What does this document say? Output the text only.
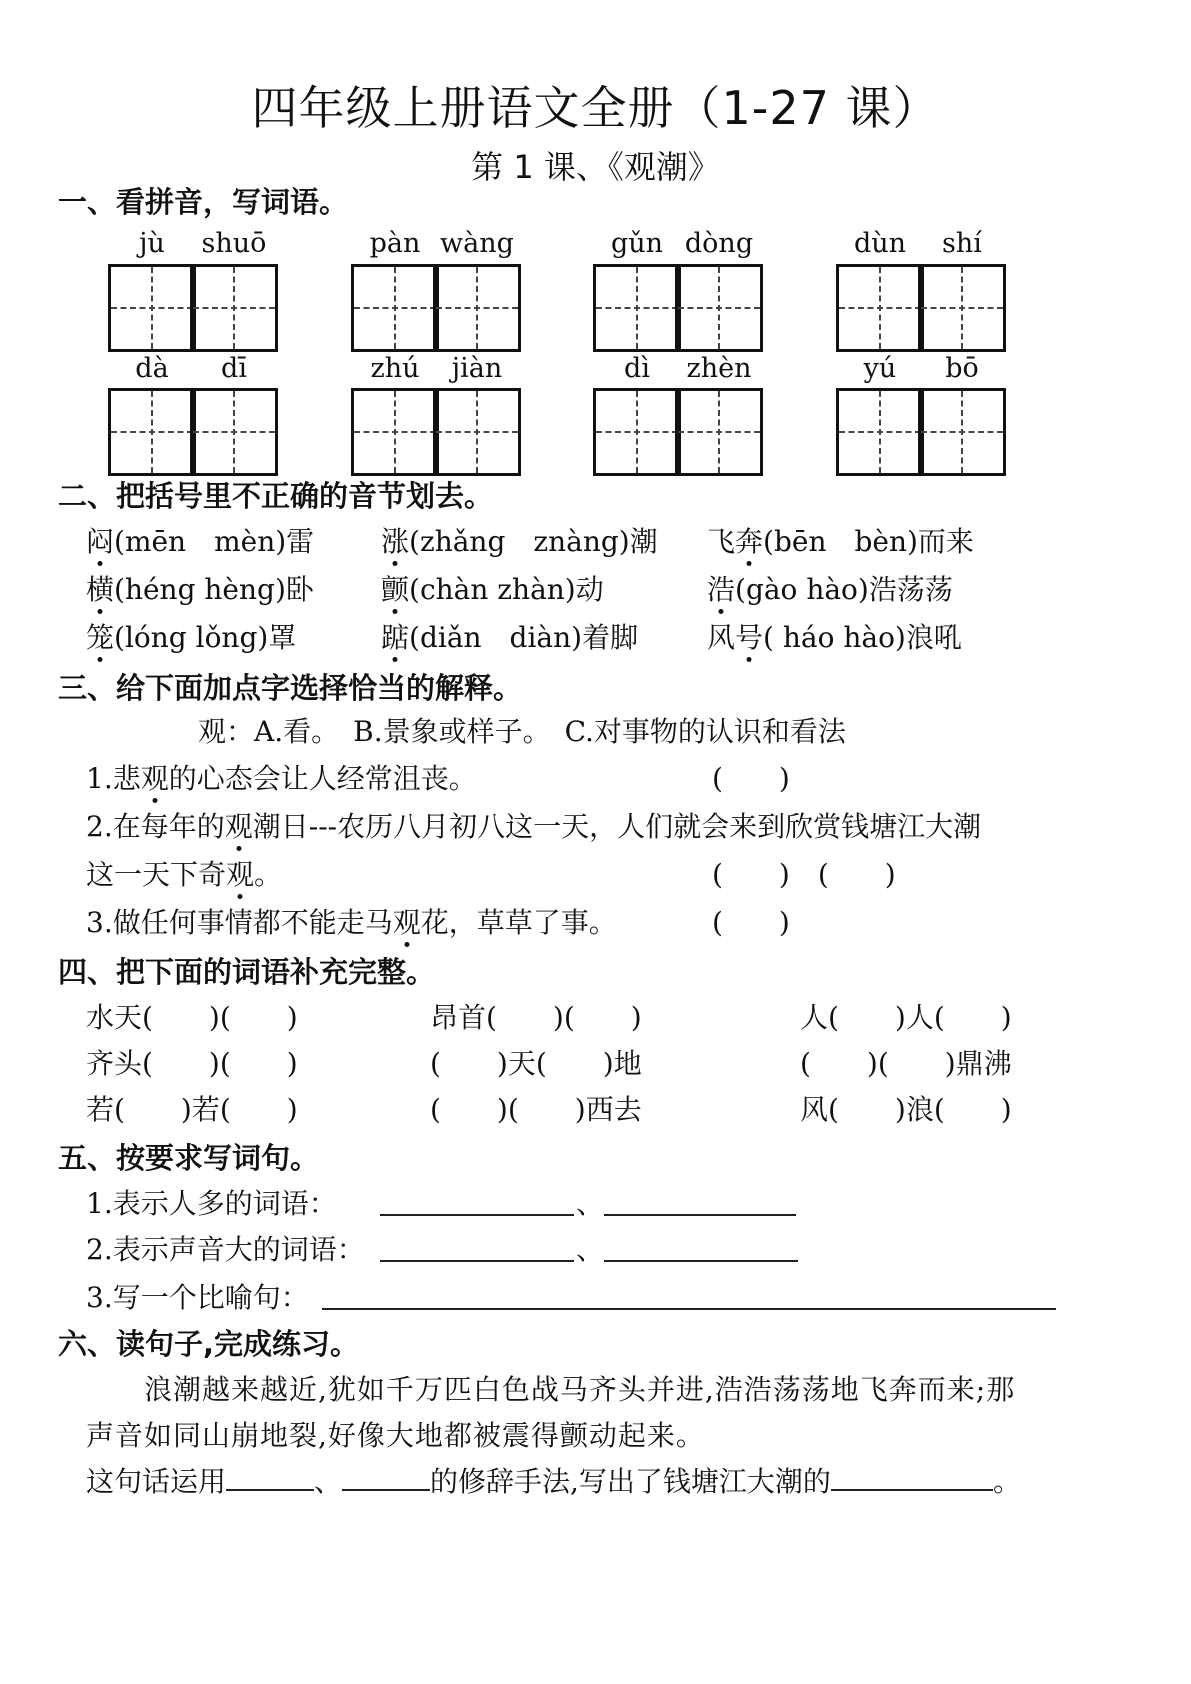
四年级上册语文全册（1-27 课）
第 1 课、《观潮》
一、看拼音，写词语。
jù	shuō	pàn wàng	gǔn dòng	dùn	shí
dà	dī	zhú	jiàn	dì	zhèn	yú	bō
二、把括号里不正确的音节划去。
闷(mēn　mèn)雷 涨(zhǎng　znàng)潮 飞奔(bēn　bèn)而来
横(héng hèng)卧 颤(chàn zhàn)动	浩(gào hào)浩荡荡
笼(lóng lǒng)罩	踮(diǎn　diàn)着脚 风号( háo hào)浪吼
三、给下面加点字选择恰当的解释。
观：A.看。　B.景象或样子。　C.对事物的认识和看法
1.悲观的心态会让人经常沮丧。	(　　)
2.在每年的观潮日---农历八月初八这一天，人们就会来到欣赏钱塘江大潮
这一天下奇观。	(　　)　(　　)
3.做任何事情都不能走马观花，草草了事。	(　　)
四、把下面的词语补充完整。
水天(　　)(　　)	昂首(　　)(　　)	人(　　)人(　　)
齐头(　　)(　　)	(　　)天(　　)地	(　　)(　　)鼎沸
若(　　)若(　　)	(　　)(　　)西去	风(　　)浪(　　)
五、按要求写词句。
1.表示人多的词语：	、
2.表示声音大的词语：	、
3.写一个比喻句：
六、读句子,完成练习。
浪潮越来越近,犹如千万匹白色战马齐头并进,浩浩荡荡地飞奔而来;那
声音如同山崩地裂,好像大地都被震得颤动起来。
这句话运用	、	的修辞手法,写出了钱塘江大潮的	。
